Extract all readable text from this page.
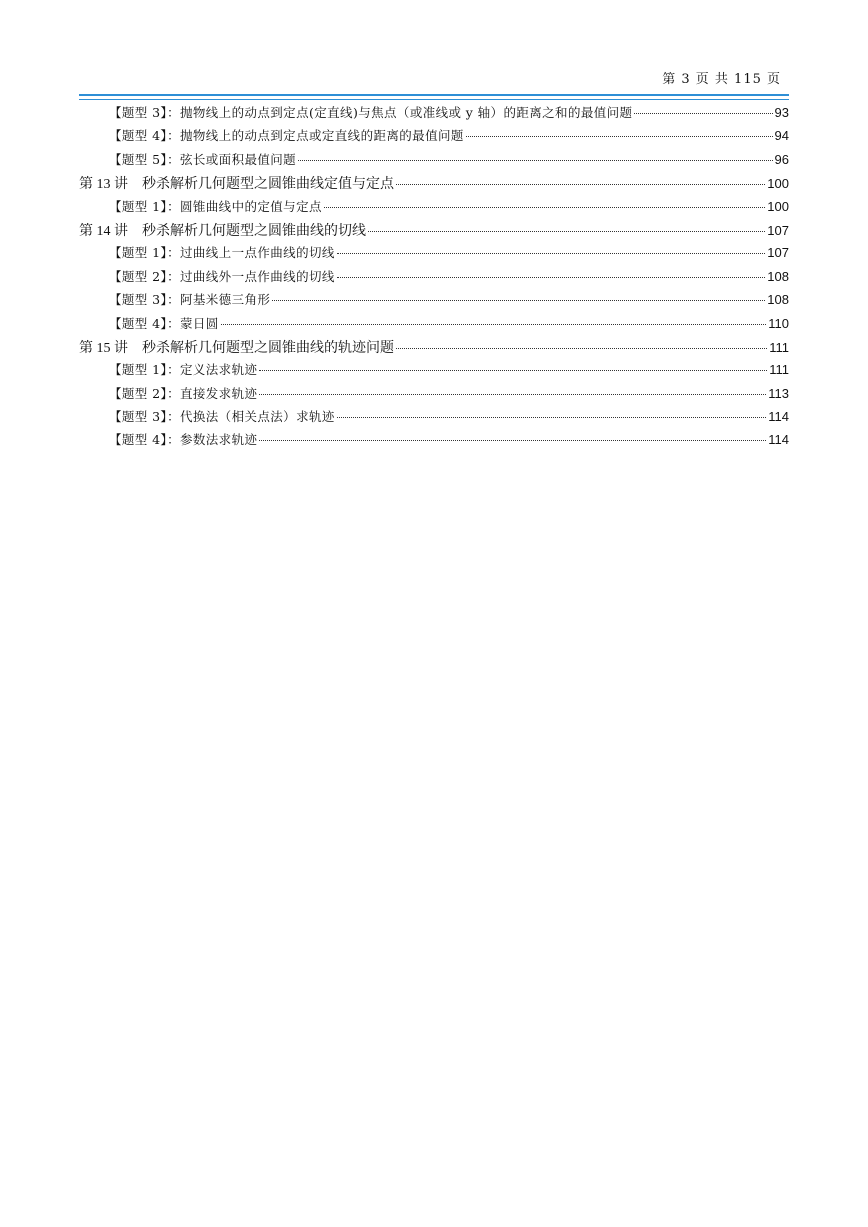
第 3 页 共 115 页
【题型 3】：抛物线上的动点到定点(定直线)与焦点（或准线或 y 轴）的距离之和的最值问题	93
【题型 4】：抛物线上的动点到定点或定直线的距离的最值问题	94
【题型 5】：弦长或面积最值问题	96
第 13 讲　秒杀解析几何题型之圆锥曲线定值与定点	100
【题型 1】：圆锥曲线中的定值与定点	100
第 14 讲　秒杀解析几何题型之圆锥曲线的切线	107
【题型 1】：过曲线上一点作曲线的切线	107
【题型 2】：过曲线外一点作曲线的切线	108
【题型 3】：阿基米德三角形	108
【题型 4】：蒙日圆	110
第 15 讲　秒杀解析几何题型之圆锥曲线的轨迹问题	111
【题型 1】：定义法求轨迹	111
【题型 2】：直接发求轨迹	113
【题型 3】：代换法（相关点法）求轨迹	114
【题型 4】：参数法求轨迹	114
